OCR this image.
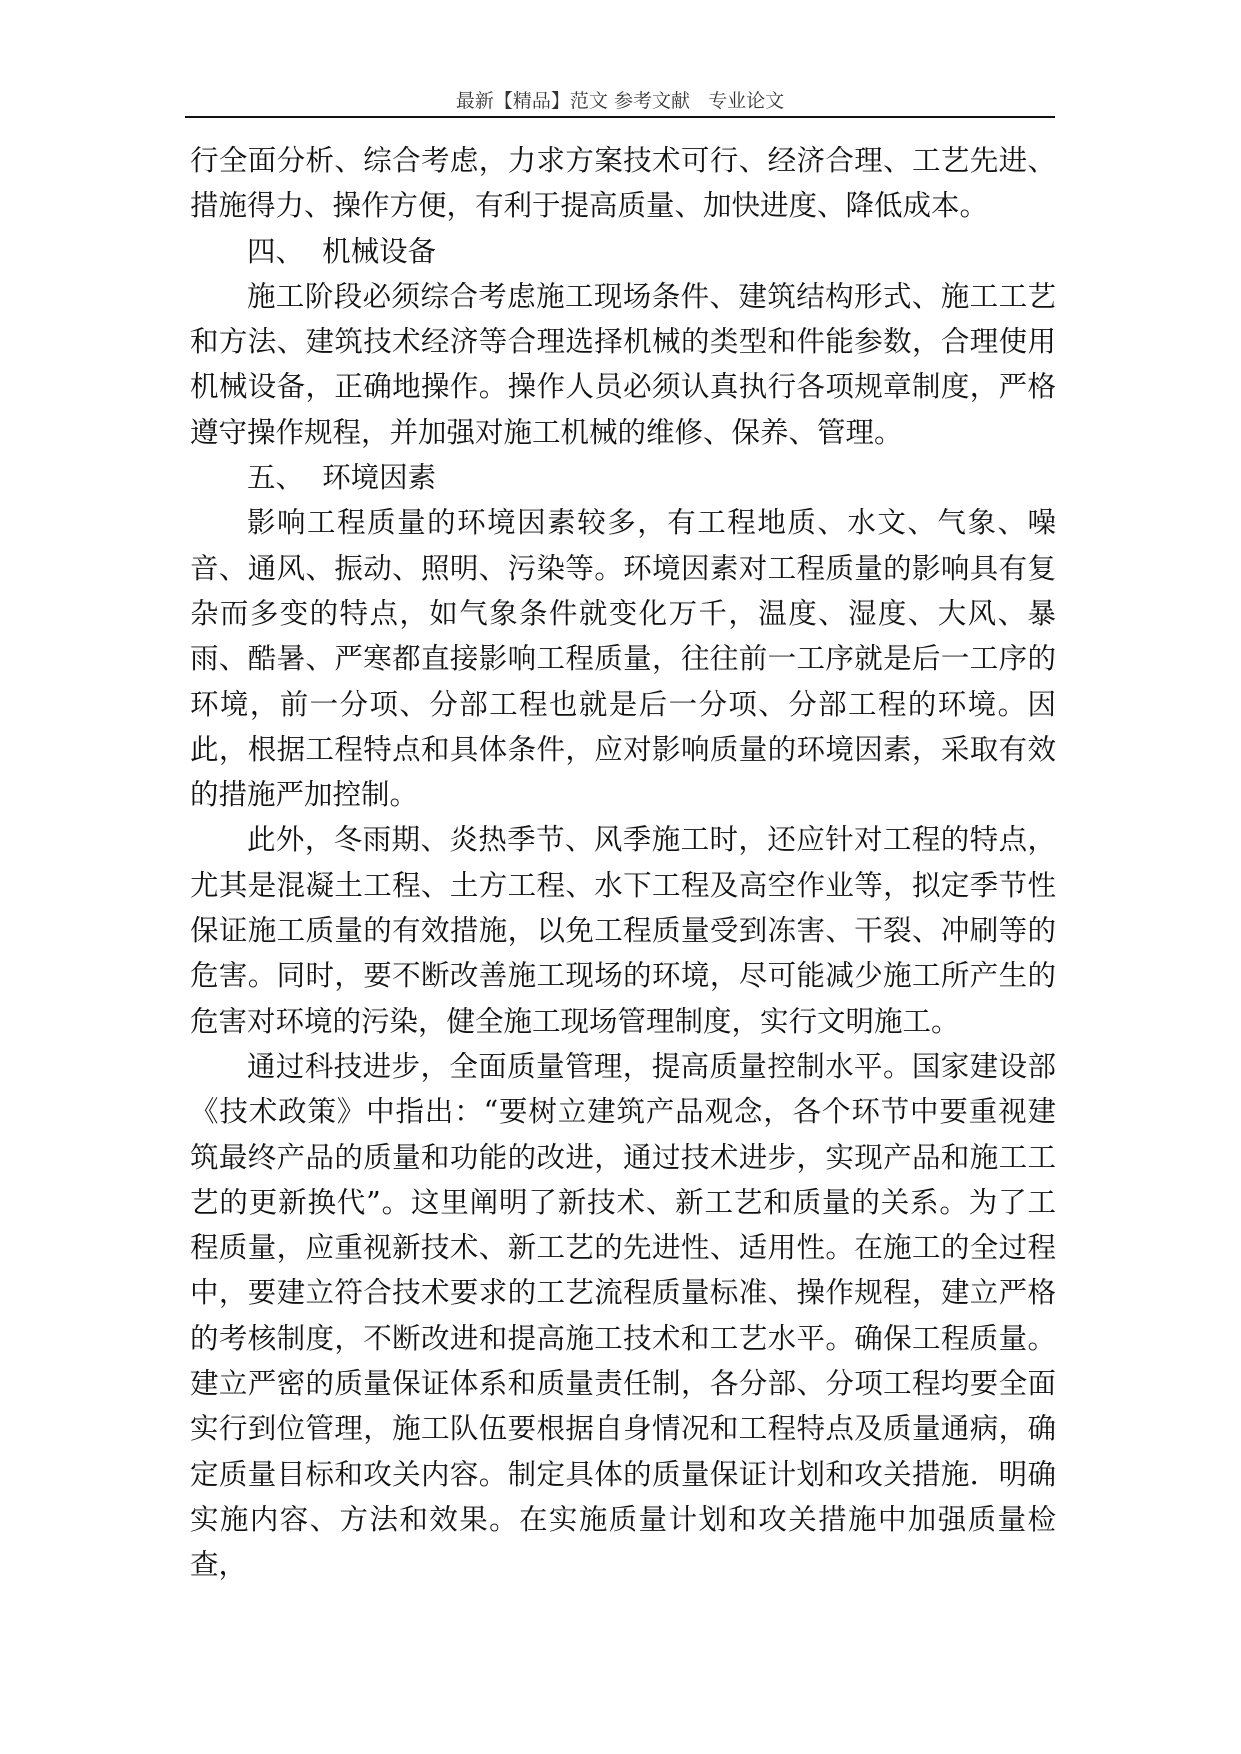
最新【精品】范文 参考文献   专业论文

行全面分析、综合考虑，力求方案技术可行、经济合理、工艺先进、措施得力、操作方便，有利于提高质量、加快进度、降低成本。

四、  机械设备

施工阶段必须综合考虑施工现场条件、建筑结构形式、施工工艺和方法、建筑技术经济等合理选择机械的类型和件能参数，合理使用机械设备，正确地操作。操作人员必须认真执行各项规章制度，严格遵守操作规程，并加强对施工机械的维修、保养、管理。

五、  环境因素

影响工程质量的环境因素较多，有工程地质、水文、气象、噪音、通风、振动、照明、污染等。环境因素对工程质量的影响具有复杂而多变的特点，如气象条件就变化万千，温度、湿度、大风、暴雨、酷暑、严寒都直接影响工程质量，往往前一工序就是后一工序的环境，前一分项、分部工程也就是后一分项、分部工程的环境。因此，根据工程特点和具体条件，应对影响质量的环境因素，采取有效的措施严加控制。

此外，冬雨期、炎热季节、风季施工时，还应针对工程的特点，尤其是混凝土工程、土方工程、水下工程及高空作业等，拟定季节性保证施工质量的有效措施，以免工程质量受到冻害、干裂、冲刷等的危害。同时，要不断改善施工现场的环境，尽可能减少施工所产生的危害对环境的污染，健全施工现场管理制度，实行文明施工。

通过科技进步，全面质量管理，提高质量控制水平。国家建设部《技术政策》中指出：“要树立建筑产品观念，各个环节中要重视建筑最终产品的质量和功能的改进，通过技术进步，实现产品和施工工艺的更新换代”。这里阐明了新技术、新工艺和质量的关系。为了工程质量，应重视新技术、新工艺的先进性、适用性。在施工的全过程中，要建立符合技术要求的工艺流程质量标准、操作规程，建立严格的考核制度，不断改进和提高施工技术和工艺水平。确保工程质量。建立严密的质量保证体系和质量责任制，各分部、分项工程均要全面实行到位管理，施工队伍要根据自身情况和工程特点及质量通病，确定质量目标和攻关内容。制定具体的质量保证计划和攻关措施．明确实施内容、方法和效果。在实施质量计划和攻关措施中加强质量检查，
